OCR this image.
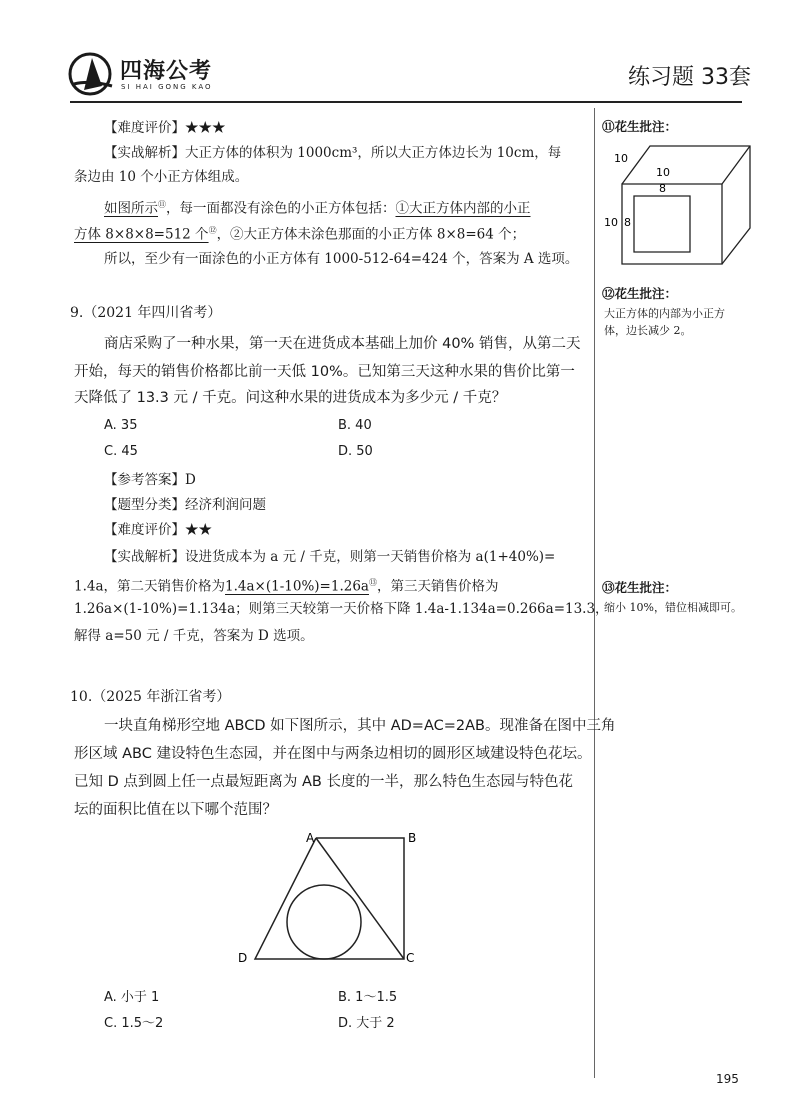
四海公考
SI HAI GONG KAO	练习题 33套
【难度评价】★★★
【实战解析】大正方体的体积为 1000cm³，所以大正方体边长为 10cm，每
条边由 10 个小正方体组成。
如图所示⑪，每一面都没有涂色的小正方体包括：①大正方体内部的小正
方体 8×8×8=512 个⑫，②大正方体未涂色那面的小正方体 8×8=64 个；
所以，至少有一面涂色的小正方体有 1000-512-64=424 个，答案为 A 选项。
9.（2021 年四川省考）
商店采购了一种水果，第一天在进货成本基础上加价 40% 销售，从第二天
开始，每天的销售价格都比前一天低 10%。已知第三天这种水果的售价比第一
天降低了 13.3 元 / 千克。问这种水果的进货成本为多少元 / 千克？
A. 35	B. 40
C. 45	D. 50
【参考答案】D
【题型分类】经济利润问题
【难度评价】★★
【实战解析】设进货成本为 a 元 / 千克，则第一天销售价格为 a(1+40%)=
1.4a，第二天销售价格为1.4a×(1-10%)=1.26a⑬，第三天销售价格为
1.26a×(1-10%)=1.134a；则第三天较第一天价格下降 1.4a-1.134a=0.266a=13.3，
解得 a=50 元 / 千克，答案为 D 选项。
10.（2025 年浙江省考）
一块直角梯形空地 ABCD 如下图所示，其中 AD=AC=2AB。现准备在图中三角
形区域 ABC 建设特色生态园，并在图中与两条边相切的圆形区域建设特色花坛。
已知 D 点到圆上任一点最短距离为 AB 长度的一半，那么特色生态园与特色花
坛的面积比值在以下哪个范围？
A	B
C
D
A. 小于 1	B. 1～1.5
C. 1.5～2	D. 大于 2
⑪花生批注：
10
10
8
10 8
⑫花生批注：
大正方体的内部为小正方
体，边长减少 2。
⑬花生批注：
缩小 10%，错位相减即可。
195
